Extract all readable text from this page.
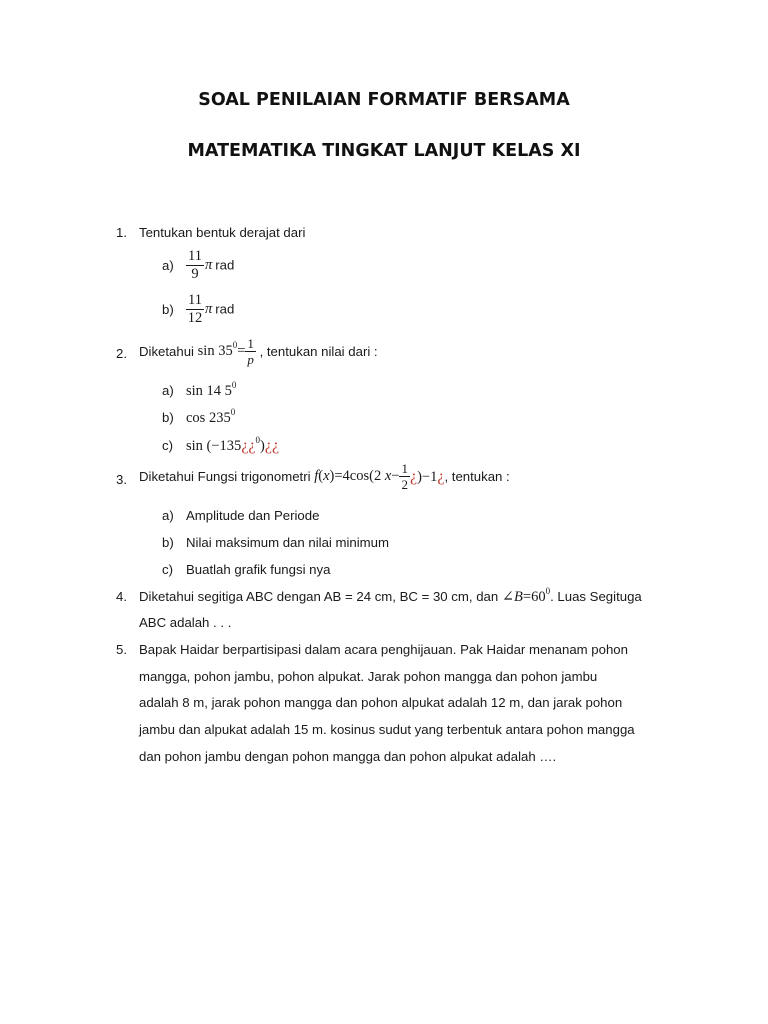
SOAL PENILAIAN FORMATIF BERSAMA
MATEMATIKA TINGKAT LANJUT KELAS XI
1. Tentukan bentuk derajat dari
$a) \frac{11}{9}$ π rad
$b) \frac{11}{12}$ π rad
2. Diketahui $\sin 35^0= \frac{1}{p}$ , tentukan nilai dari :
a) sin 14 $5^0$
b) $\cos 235^0$
c) sin (−135¿¿$^0$)¿¿
3. Diketahui Fungsi trigonometri f(x)=4cos(2 $x- \frac{1}{2}$ ¿)−1¿, tentukan :
a) Amplitude dan Periode
b) Nilai maksimum dan nilai minimum
c) Buatlah grafik fungsi nya
4. Diketahui segitiga ABC dengan AB = 24 cm, BC = 30 cm, dan $\angle B=60^0$. Luas Segituga
ABC adalah . . .
5. Bapak Haidar berpartisipasi dalam acara penghijauan. Pak Haidar menanam pohon
mangga, pohon jambu, pohon alpukat. Jarak pohon mangga dan pohon jambu
adalah 8 m, jarak pohon mangga dan pohon alpukat adalah 12 m, dan jarak pohon
jambu dan alpukat adalah 15 m. kosinus sudut yang terbentuk antara pohon mangga
dan pohon jambu dengan pohon mangga dan pohon alpukat adalah ….
